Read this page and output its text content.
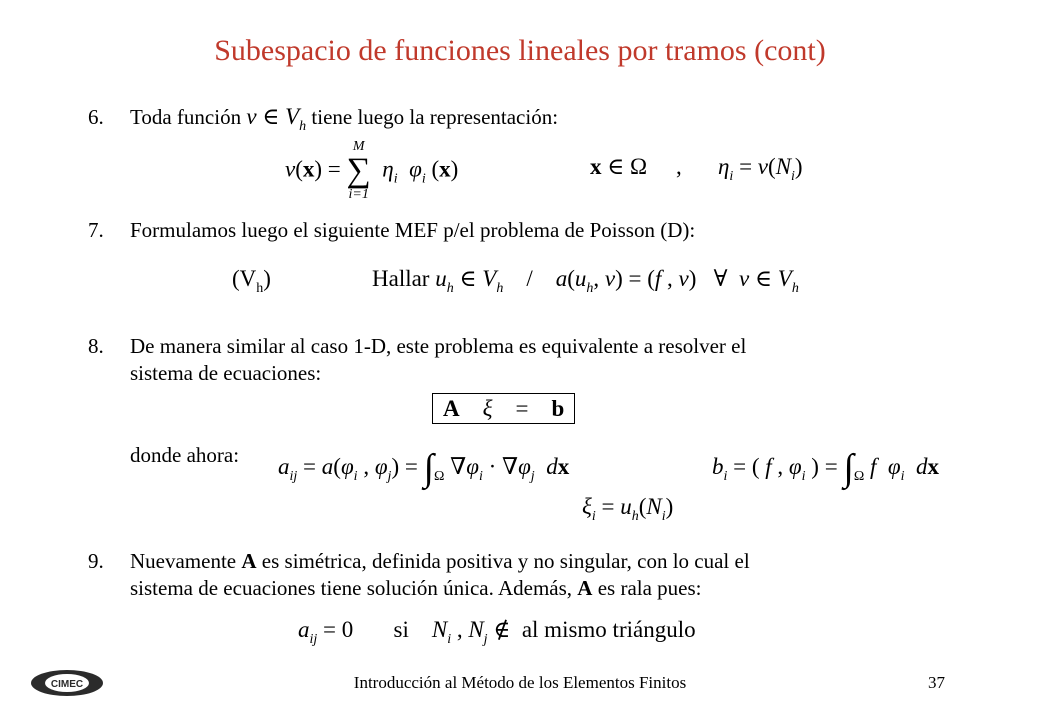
Subespacio de funciones lineales por tramos (cont)
6. Toda función v ∈ $V_h$ tiene luego la representación:
v(x) =
M
∑
i=1
$\eta_i$ $\varphi_i$ (x)	x ∈ Ω , $\eta_i = v(N_i)$
7. Formulamos luego el siguiente MEF p/el problema de Poisson (D):
$(V_h)$	Hallar $u_h$ ∈ $V_h$    /    $a(u_h$, v) = (f , v)   ∀  v ∈ $V_h$
8. De manera similar al caso 1-D, este problema es equivalente a resolver el
sistema de ecuaciones:
A ξ    =    b
donde ahora: $a_{ij} = a(\varphi_i$ , $\varphi_j) = \int_\Omega$ $\nabla\varphi_i \cdot \nabla\varphi_j$ dx	$b_i$ = ( f , $\varphi_i$ ) = $\int_\Omega$ f $\varphi_i$ dx
$\xi_i = u_h(N_i)$
9. Nuevamente A es simétrica, definida positiva y no singular, con lo cual el
sistema de ecuaciones tiene solución única. Además, A es rala pues:
$a_{ij} = 0$       si    $N_i$ , $N_j$ ∉  al mismo triángulo
CIMEC	Introducción al Método de los Elementos Finitos	37
